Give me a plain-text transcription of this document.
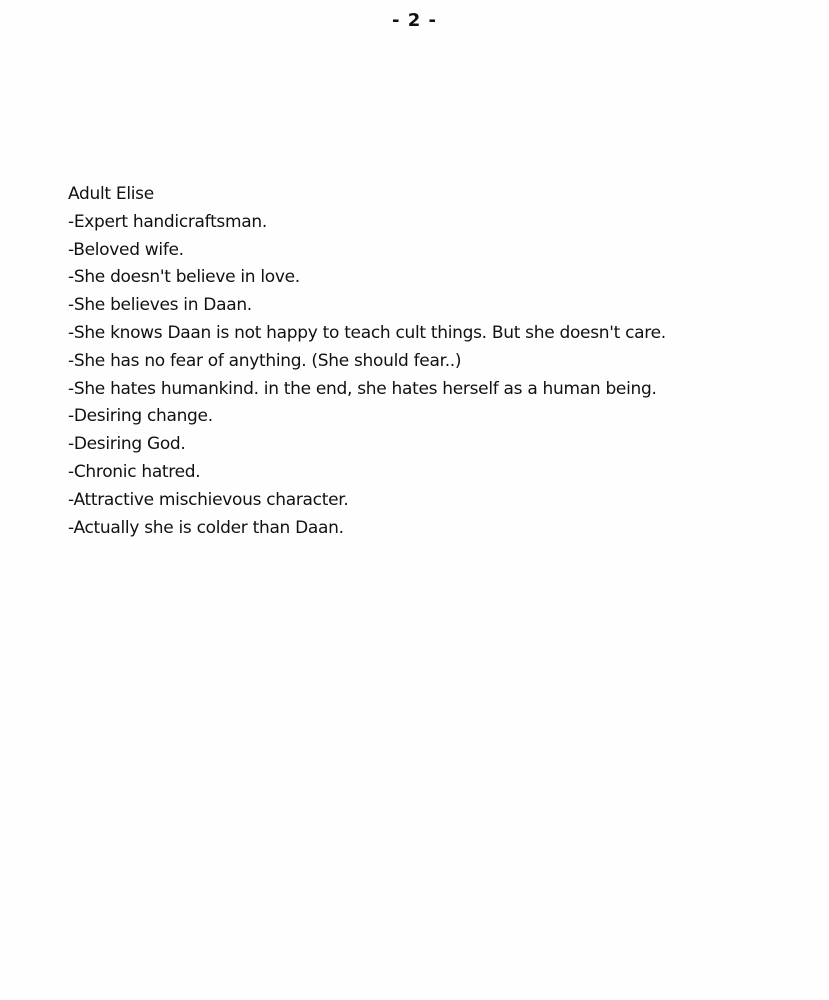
- 2 -
Adult Elise
-Expert handicraftsman.
-Beloved wife.
-She doesn't believe in love.
-She believes in Daan.
-She knows Daan is not happy to teach cult things. But she doesn't care.
-She has no fear of anything. (She should fear..)
-She hates humankind. in the end, she hates herself as a human being.
-Desiring change.
-Desiring God.
-Chronic hatred.
-Attractive mischievous character.
-Actually she is colder than Daan.
